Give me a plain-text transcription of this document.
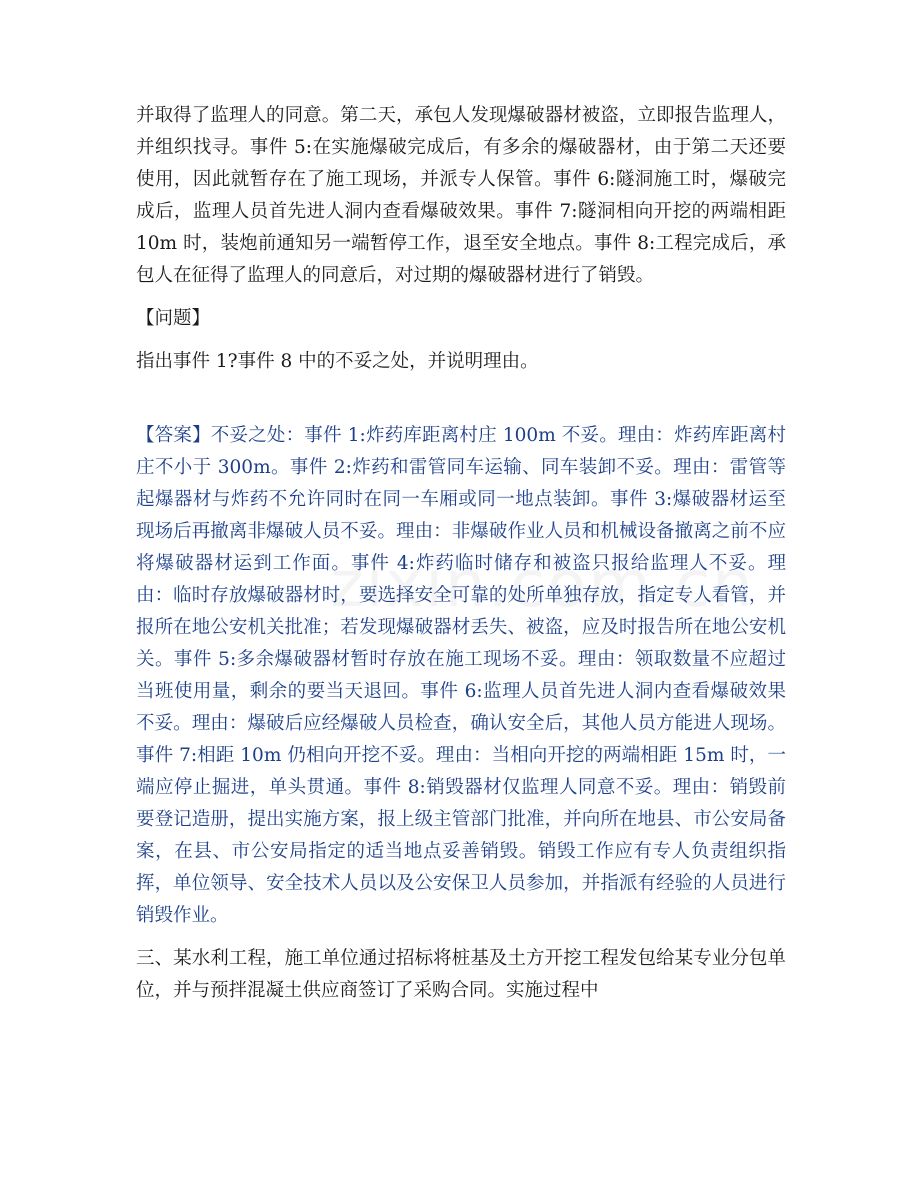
并取得了监理人的同意。第二天，承包人发现爆破器材被盗，立即报告监理人，并组织找寻。事件 5:在实施爆破完成后，有多余的爆破器材，由于第二天还要使用，因此就暂存在了施工现场，并派专人保管。事件 6:隧洞施工时，爆破完成后，监理人员首先进人洞内查看爆破效果。事件 7:隧洞相向开挖的两端相距 10m 时，装炮前通知另一端暂停工作，退至安全地点。事件 8:工程完成后，承包人在征得了监理人的同意后，对过期的爆破器材进行了销毁。

【问题】

指出事件 1?事件 8 中的不妥之处，并说明理由。

【答案】不妥之处：事件 1:炸药库距离村庄 100m 不妥。理由：炸药库距离村庄不小于 300m。事件 2:炸药和雷管同车运输、同车装卸不妥。理由：雷管等起爆器材与炸药不允许同时在同一车厢或同一地点装卸。事件 3:爆破器材运至现场后再撤离非爆破人员不妥。理由：非爆破作业人员和机械设备撤离之前不应将爆破器材运到工作面。事件 4:炸药临时储存和被盗只报给监理人不妥。理由：临时存放爆破器材时，要选择安全可靠的处所单独存放，指定专人看管，并报所在地公安机关批准；若发现爆破器材丢失、被盗，应及时报告所在地公安机关。事件 5:多余爆破器材暂时存放在施工现场不妥。理由：领取数量不应超过当班使用量，剩余的要当天退回。事件 6:监理人员首先进人洞内查看爆破效果不妥。理由：爆破后应经爆破人员检查，确认安全后，其他人员方能进人现场。事件 7:相距 10m 仍相向开挖不妥。理由：当相向开挖的两端相距 15m 时，一端应停止掘进，单头贯通。事件 8:销毁器材仅监理人同意不妥。理由：销毁前要登记造册，提出实施方案，报上级主管部门批准，并向所在地县、市公安局备案，在县、市公安局指定的适当地点妥善销毁。销毁工作应有专人负责组织指挥，单位领导、安全技术人员以及公安保卫人员参加，并指派有经验的人员进行销毁作业。

三、某水利工程，施工单位通过招标将桩基及土方开挖工程发包给某专业分包单位，并与预拌混凝土供应商签订了采购合同。实施过程中
